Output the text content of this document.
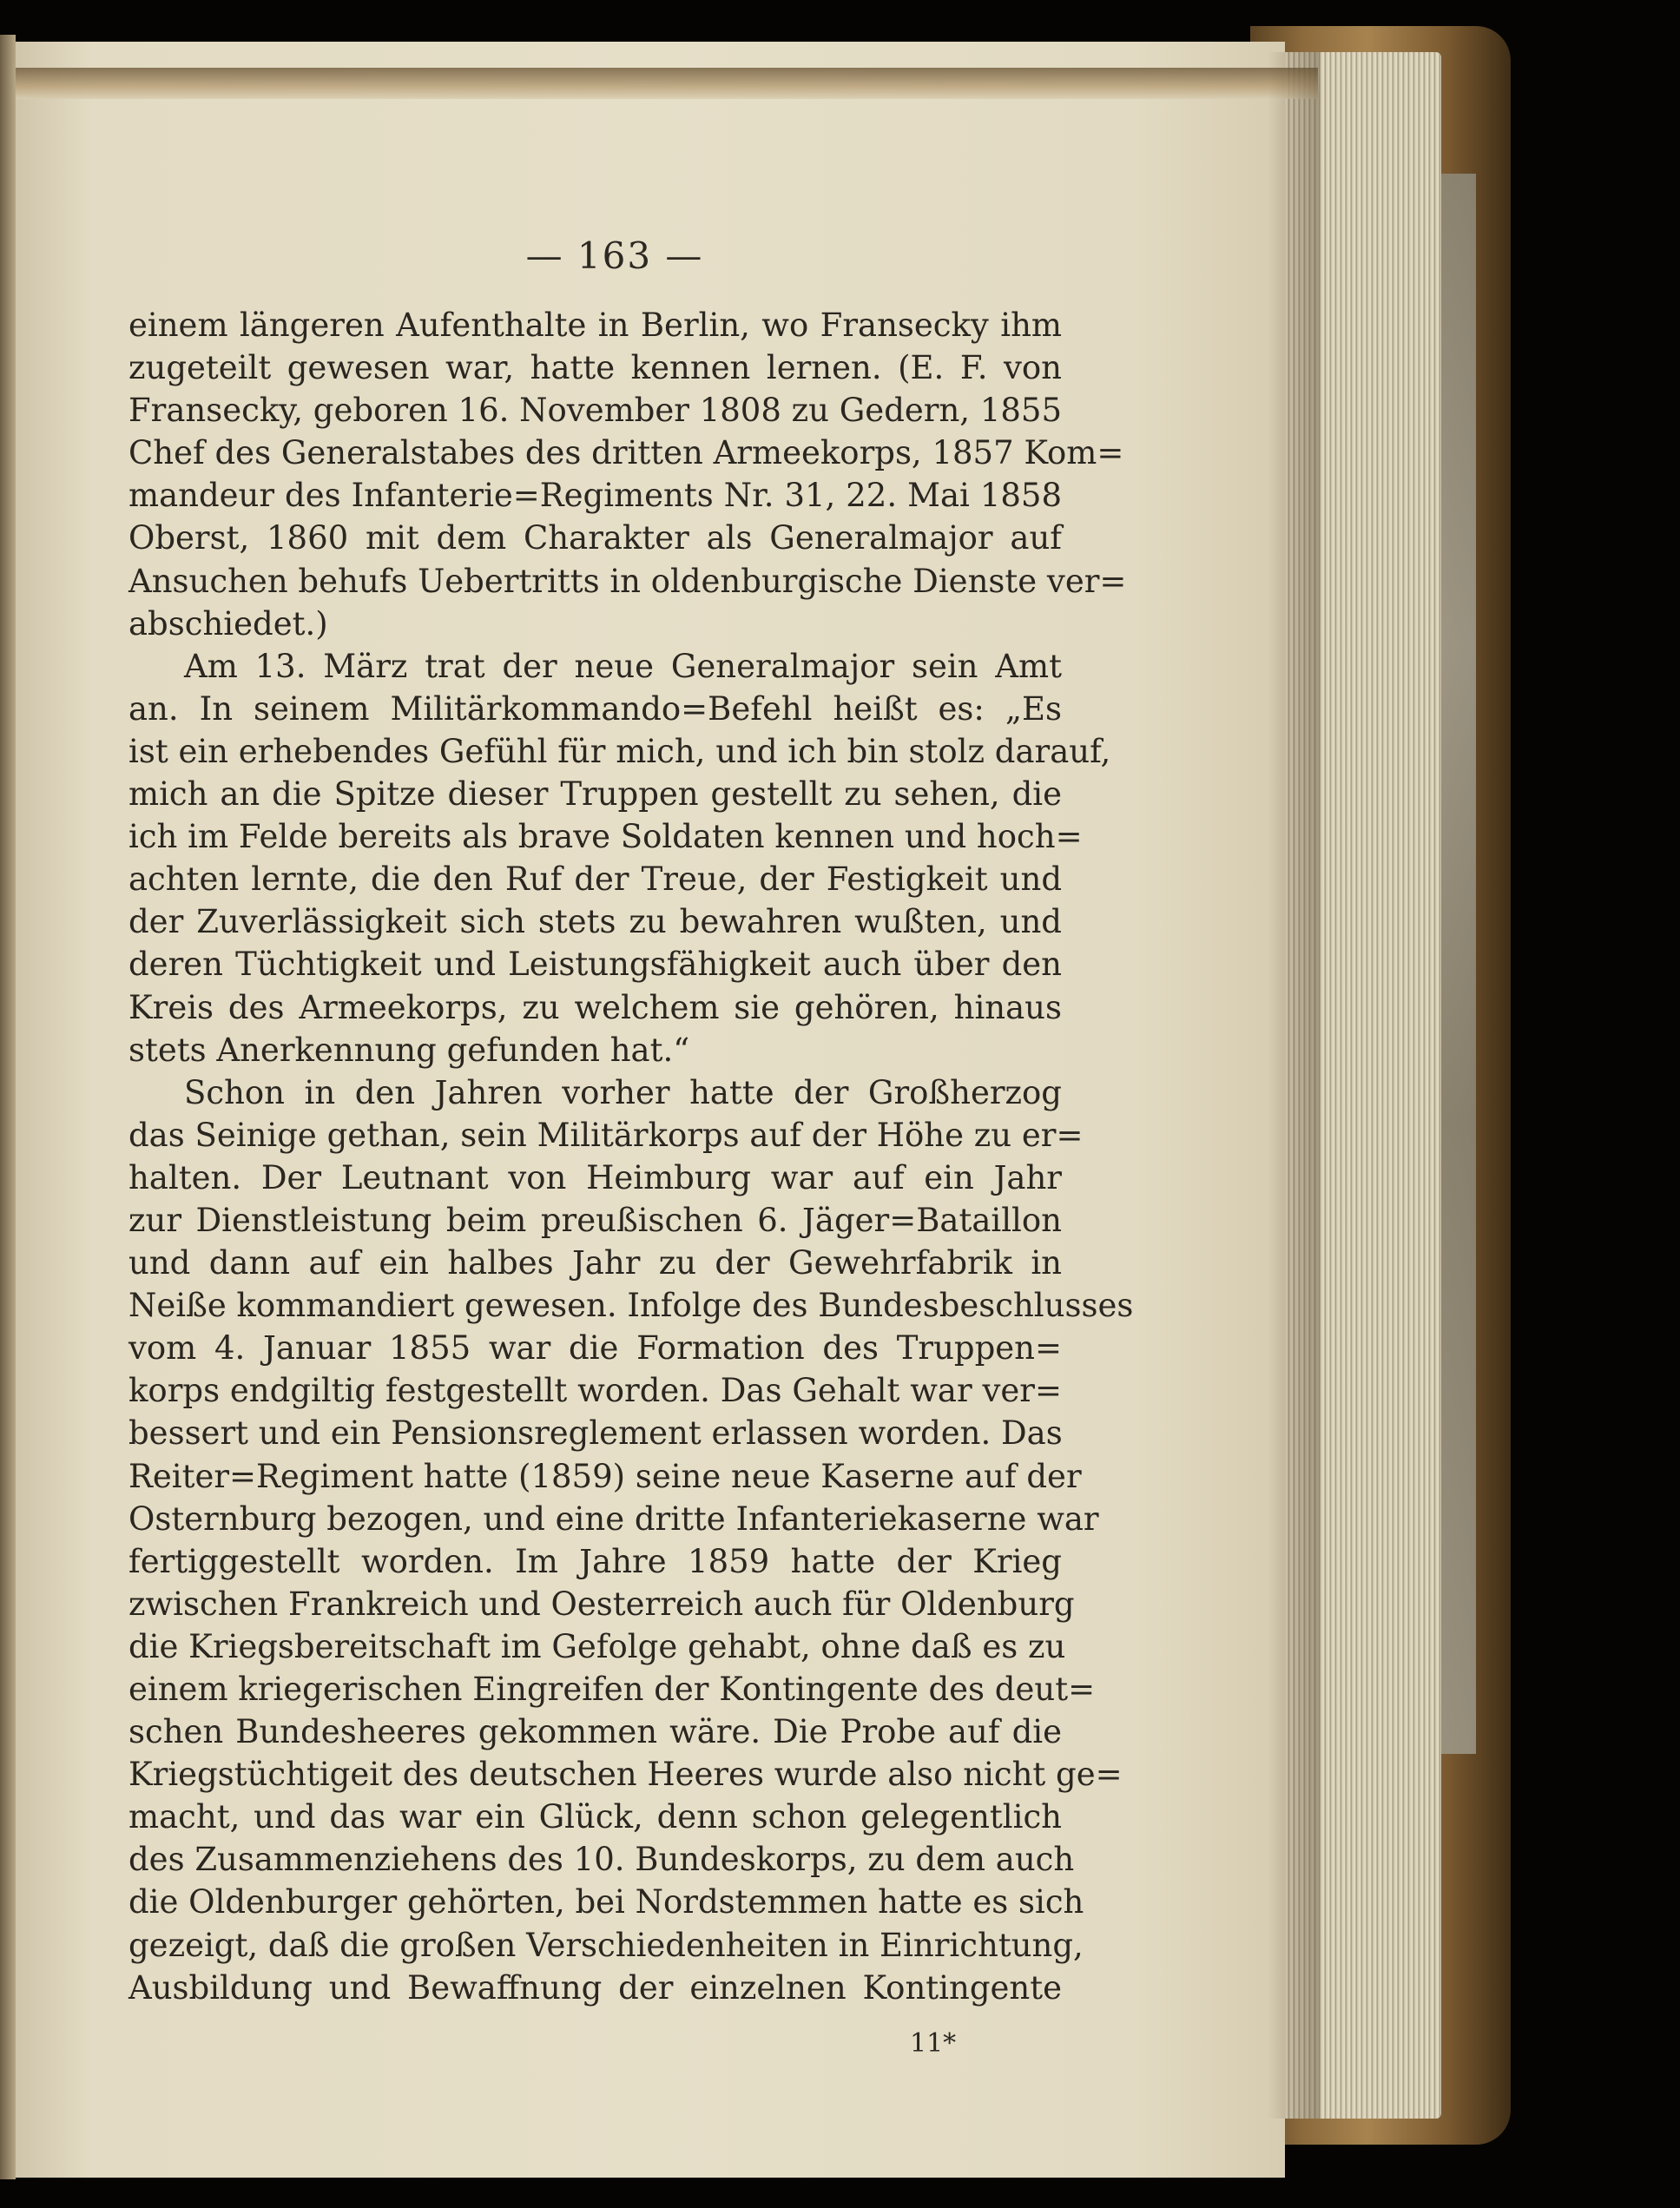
— 163 —
einem längeren Aufenthalte in Berlin, wo Fransecky ihm
zugeteilt gewesen war, hatte kennen lernen. (E. F. von
Fransecky, geboren 16. November 1808 zu Gedern, 1855
Chef des Generalstabes des dritten Armeekorps, 1857 Kom=
mandeur des Infanterie=Regiments Nr. 31, 22. Mai 1858
Oberst, 1860 mit dem Charakter als Generalmajor auf
Ansuchen behufs Uebertritts in oldenburgische Dienste ver=
abschiedet.)
Am 13. März trat der neue Generalmajor sein Amt
an. In seinem Militärkommando=Befehl heißt es: „Es
ist ein erhebendes Gefühl für mich, und ich bin stolz darauf,
mich an die Spitze dieser Truppen gestellt zu sehen, die
ich im Felde bereits als brave Soldaten kennen und hoch=
achten lernte, die den Ruf der Treue, der Festigkeit und
der Zuverlässigkeit sich stets zu bewahren wußten, und
deren Tüchtigkeit und Leistungsfähigkeit auch über den
Kreis des Armeekorps, zu welchem sie gehören, hinaus
stets Anerkennung gefunden hat.“
Schon in den Jahren vorher hatte der Großherzog
das Seinige gethan, sein Militärkorps auf der Höhe zu er=
halten. Der Leutnant von Heimburg war auf ein Jahr
zur Dienstleistung beim preußischen 6. Jäger=Bataillon
und dann auf ein halbes Jahr zu der Gewehrfabrik in
Neiße kommandiert gewesen. Infolge des Bundesbeschlusses
vom 4. Januar 1855 war die Formation des Truppen=
korps endgiltig festgestellt worden. Das Gehalt war ver=
bessert und ein Pensionsreglement erlassen worden. Das
Reiter=Regiment hatte (1859) seine neue Kaserne auf der
Osternburg bezogen, und eine dritte Infanteriekaserne war
fertiggestellt worden. Im Jahre 1859 hatte der Krieg
zwischen Frankreich und Oesterreich auch für Oldenburg
die Kriegsbereitschaft im Gefolge gehabt, ohne daß es zu
einem kriegerischen Eingreifen der Kontingente des deut=
schen Bundesheeres gekommen wäre. Die Probe auf die
Kriegstüchtigeit des deutschen Heeres wurde also nicht ge=
macht, und das war ein Glück, denn schon gelegentlich
des Zusammenziehens des 10. Bundeskorps, zu dem auch
die Oldenburger gehörten, bei Nordstemmen hatte es sich
gezeigt, daß die großen Verschiedenheiten in Einrichtung,
Ausbildung und Bewaffnung der einzelnen Kontingente
11*
